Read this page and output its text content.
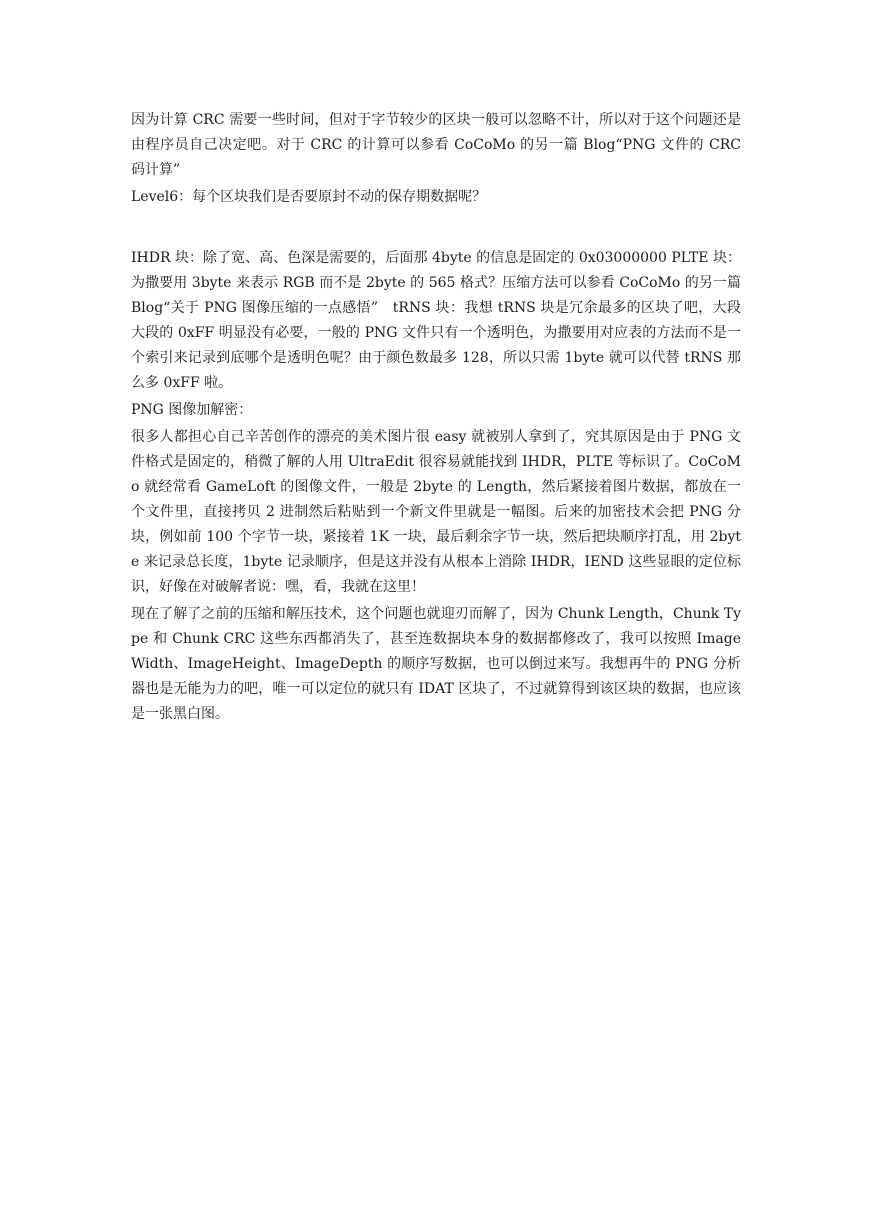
因为计算 CRC 需要一些时间，但对于字节较少的区块一般可以忽略不计，所以对于这个问题还是由程序员自己决定吧。对于 CRC 的计算可以参看 CoCoMo 的另一篇 Blog“PNG 文件的 CRC 码计算”

Level6：每个区块我们是否要原封不动的保存期数据呢？

IHDR 块：除了宽、高、色深是需要的，后面那 4byte 的信息是固定的 0x03000000 PLTE 块：为撒要用 3byte 来表示 RGB 而不是 2byte 的 565 格式？压缩方法可以参看 CoCoMo 的另一篇 Blog“关于 PNG 图像压缩的一点感悟”　tRNS 块：我想 tRNS 块是冗余最多的区块了吧，大段大段的 0xFF 明显没有必要，一般的 PNG 文件只有一个透明色，为撒要用对应表的方法而不是一个索引来记录到底哪个是透明色呢？由于颜色数最多 128，所以只需 1byte 就可以代替 tRNS 那么多 0xFF 啦。

PNG 图像加解密：

很多人都担心自己辛苦创作的漂亮的美术图片很 easy 就被别人拿到了，究其原因是由于 PNG 文件格式是固定的，稍微了解的人用 UltraEdit 很容易就能找到 IHDR，PLTE 等标识了。CoCoMo 就经常看 GameLoft 的图像文件，一般是 2byte 的 Length，然后紧接着图片数据，都放在一个文件里，直接拷贝 2 进制然后粘贴到一个新文件里就是一幅图。后来的加密技术会把 PNG 分块，例如前 100 个字节一块，紧接着 1K 一块，最后剩余字节一块，然后把块顺序打乱，用 2byte 来记录总长度，1byte 记录顺序，但是这并没有从根本上消除 IHDR，IEND 这些显眼的定位标识，好像在对破解者说：嘿，看，我就在这里！

现在了解了之前的压缩和解压技术，这个问题也就迎刃而解了，因为 Chunk Length，Chunk Type 和 Chunk CRC 这些东西都消失了，甚至连数据块本身的数据都修改了，我可以按照 ImageWidth、ImageHeight、ImageDepth 的顺序写数据，也可以倒过来写。我想再牛的 PNG 分析器也是无能为力的吧，唯一可以定位的就只有 IDAT 区块了，不过就算得到该区块的数据，也应该是一张黑白图。
